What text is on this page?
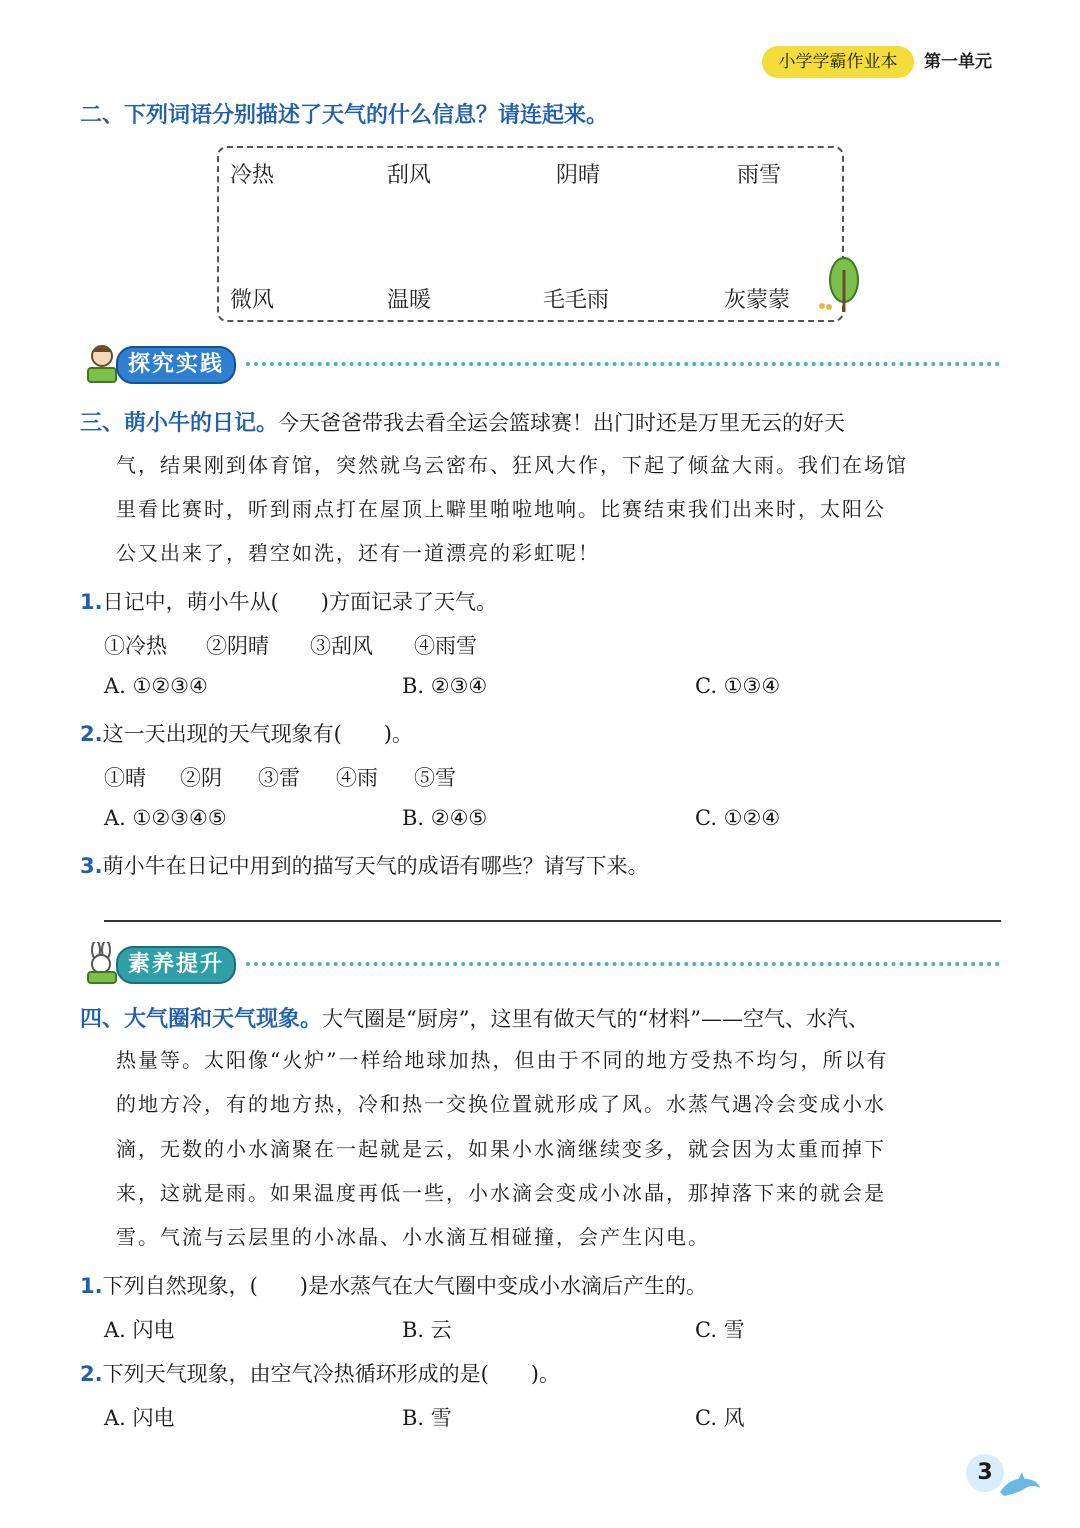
小学学霸作业本	第一单元
二、下列词语分别描述了天气的什么信息？请连起来。
冷热	刮风	阴晴	雨雪
微风	温暖	毛毛雨	灰蒙蒙
探究实践
三、萌小牛的日记。今天爸爸带我去看全运会篮球赛！出门时还是万里无云的好天
气，结果刚到体育馆，突然就乌云密布、狂风大作，下起了倾盆大雨。我们在场馆
里看比赛时，听到雨点打在屋顶上噼里啪啦地响。比赛结束我们出来时，太阳公
公又出来了，碧空如洗，还有一道漂亮的彩虹呢！
1.日记中，萌小牛从(　　)方面记录了天气。
①冷热 ②阴晴 ③刮风 ④雨雪
A. ①②③④	B. ②③④	C. ①③④
2.这一天出现的天气现象有(　　)。
①晴 ②阴 ③雷 ④雨 ⑤雪
A. ①②③④⑤	B. ②④⑤	C. ①②④
3.萌小牛在日记中用到的描写天气的成语有哪些？请写下来。
素养提升
四、大气圈和天气现象。大气圈是“厨房”，这里有做天气的“材料”——空气、水汽、
热量等。太阳像“火炉”一样给地球加热，但由于不同的地方受热不均匀，所以有
的地方冷，有的地方热，冷和热一交换位置就形成了风。水蒸气遇冷会变成小水
滴，无数的小水滴聚在一起就是云，如果小水滴继续变多，就会因为太重而掉下
来，这就是雨。如果温度再低一些，小水滴会变成小冰晶，那掉落下来的就会是
雪。气流与云层里的小冰晶、小水滴互相碰撞，会产生闪电。
1.下列自然现象，(　　)是水蒸气在大气圈中变成小水滴后产生的。
A. 闪电	B. 云	C. 雪
2.下列天气现象，由空气冷热循环形成的是(　　)。
A. 闪电	B. 雪	C. 风
3
